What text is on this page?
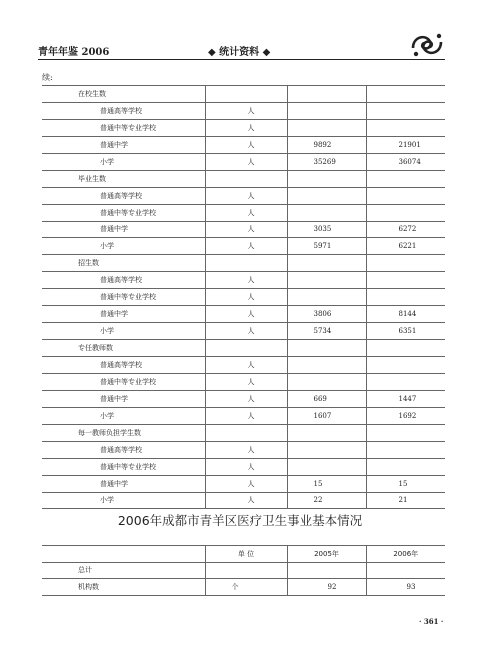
青年年鉴 2006	◆ 统计资料 ◆
续:
在校生数			
普通高等学校	人		
普通中等专业学校	人		
普通中学	人	9892	21901
小学	人	35269	36074
毕业生数			
普通高等学校	人		
普通中等专业学校	人		
普通中学	人	3035	6272
小学	人	5971	6221
招生数			
普通高等学校	人		
普通中等专业学校	人		
普通中学	人	3806	8144
小学	人	5734	6351
专任教师数			
普通高等学校	人		
普通中等专业学校	人		
普通中学	人	669	1447
小学	人	1607	1692
每一教师负担学生数			
普通高等学校	人		
普通中等专业学校	人		
普通中学	人	15	15
小学	人	22	21
2006年成都市青羊区医疗卫生事业基本情况
	单 位	2005年	2006年
总计			
机构数	个	92	93
· 361 ·
